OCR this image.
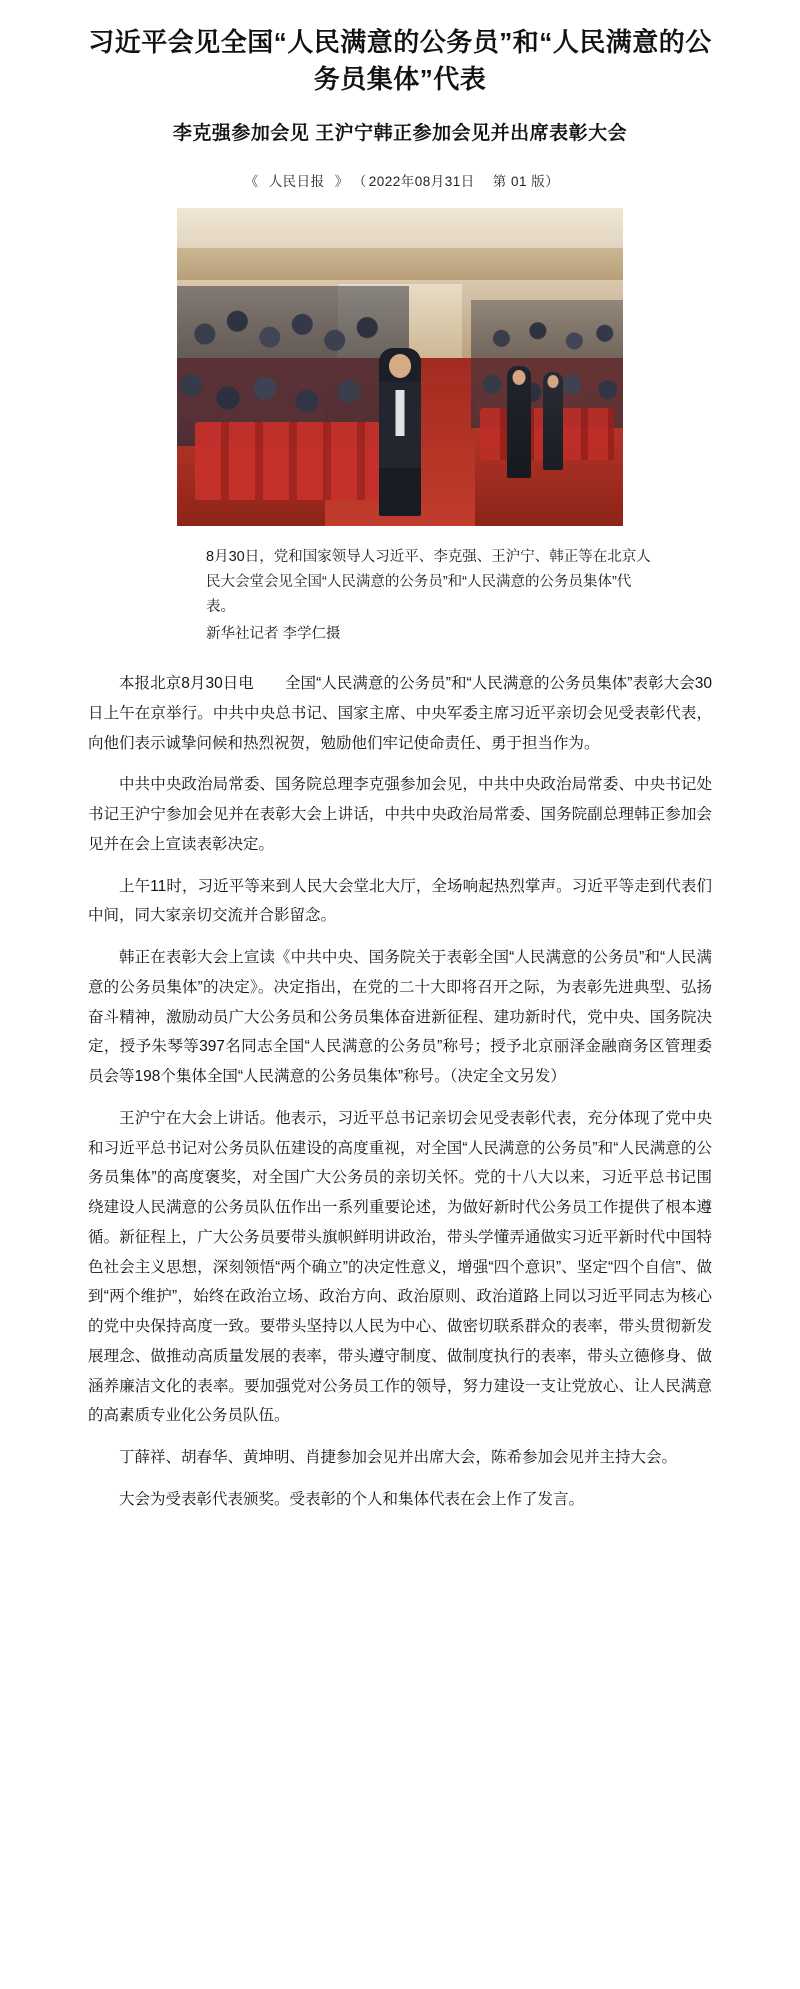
习近平会见全国“人民满意的公务员”和“人民满意的公务员集体”代表
李克强参加会见 王沪宁韩正参加会见并出席表彰大会
《 人民日报 》 （ 2022年08月31日 第 01 版）
8月30日，党和国家领导人习近平、李克强、王沪宁、韩正等在北京人民大会堂会见全国“人民满意的公务员”和“人民满意的公务员集体”代表。
新华社记者 李学仁摄

本报北京8月30日电　　全国“人民满意的公务员”和“人民满意的公务员集体”表彰大会30日上午在京举行。中共中央总书记、国家主席、中央军委主席习近平亲切会见受表彰代表，向他们表示诚挚问候和热烈祝贺，勉励他们牢记使命责任、勇于担当作为。

中共中央政治局常委、国务院总理李克强参加会见，中共中央政治局常委、中央书记处书记王沪宁参加会见并在表彰大会上讲话，中共中央政治局常委、国务院副总理韩正参加会见并在会上宣读表彰决定。

上午11时，习近平等来到人民大会堂北大厅，全场响起热烈掌声。习近平等走到代表们中间，同大家亲切交流并合影留念。

韩正在表彰大会上宣读《中共中央、国务院关于表彰全国“人民满意的公务员”和“人民满意的公务员集体”的决定》。决定指出，在党的二十大即将召开之际，为表彰先进典型、弘扬奋斗精神，激励动员广大公务员和公务员集体奋进新征程、建功新时代，党中央、国务院决定，授予朱琴等397名同志全国“人民满意的公务员”称号；授予北京丽泽金融商务区管理委员会等198个集体全国“人民满意的公务员集体”称号。（决定全文另发）

王沪宁在大会上讲话。他表示，习近平总书记亲切会见受表彰代表，充分体现了党中央和习近平总书记对公务员队伍建设的高度重视，对全国“人民满意的公务员”和“人民满意的公务员集体”的高度褒奖，对全国广大公务员的亲切关怀。党的十八大以来，习近平总书记围绕建设人民满意的公务员队伍作出一系列重要论述，为做好新时代公务员工作提供了根本遵循。新征程上，广大公务员要带头旗帜鲜明讲政治，带头学懂弄通做实习近平新时代中国特色社会主义思想，深刻领悟“两个确立”的决定性意义，增强“四个意识”、坚定“四个自信”、做到“两个维护”，始终在政治立场、政治方向、政治原则、政治道路上同以习近平同志为核心的党中央保持高度一致。要带头坚持以人民为中心、做密切联系群众的表率，带头贯彻新发展理念、做推动高质量发展的表率，带头遵守制度、做制度执行的表率，带头立德修身、做涵养廉洁文化的表率。要加强党对公务员工作的领导，努力建设一支让党放心、让人民满意的高素质专业化公务员队伍。

丁薛祥、胡春华、黄坤明、肖捷参加会见并出席大会，陈希参加会见并主持大会。

大会为受表彰代表颁奖。受表彰的个人和集体代表在会上作了发言。
